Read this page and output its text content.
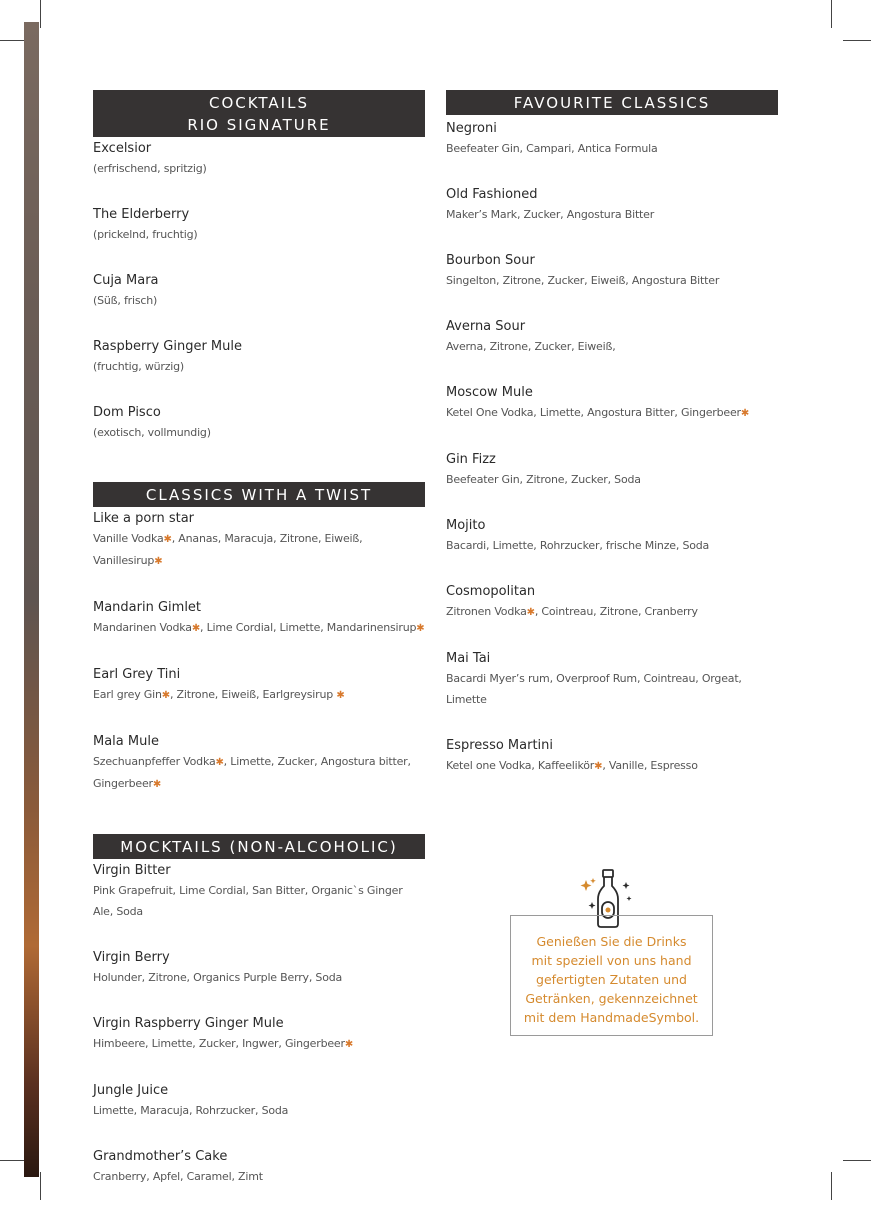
COCKTAILS
RIO SIGNATURE
Excelsior
(erfrischend, spritzig)
The Elderberry
(prickelnd, fruchtig)
Cuja Mara
(Süß, frisch)
Raspberry Ginger Mule
(fruchtig, würzig)
Dom Pisco
(exotisch, vollmundig)
CLASSICS WITH A TWIST
Like a porn star
Vanille Vodka✱, Ananas, Maracuja, Zitrone, Eiweiß, Vanillesirup✱
Mandarin Gimlet
Mandarinen Vodka✱, Lime Cordial, Limette, Mandarinensirup✱
Earl Grey Tini
Earl grey Gin✱, Zitrone, Eiweiß, Earlgreysirup ✱
Mala Mule
Szechuanpfeffer Vodka✱, Limette, Zucker, Angostura bitter, Gingerbeer✱
MOCKTAILS (NON-ALCOHOLIC)
Virgin Bitter
Pink Grapefruit, Lime Cordial, San Bitter, Organic`s Ginger Ale, Soda
Virgin Berry
Holunder, Zitrone, Organics Purple Berry, Soda
Virgin Raspberry Ginger Mule
Himbeere, Limette, Zucker, Ingwer, Gingerbeer✱
Jungle Juice
Limette, Maracuja, Rohrzucker, Soda
Grandmother’s Cake
Cranberry, Apfel, Caramel, Zimt
FAVOURITE CLASSICS
Negroni
Beefeater Gin, Campari, Antica Formula
Old Fashioned
Maker’s Mark, Zucker, Angostura Bitter
Bourbon Sour
Singelton, Zitrone, Zucker, Eiweiß, Angostura Bitter
Averna Sour
Averna, Zitrone, Zucker, Eiweiß,
Moscow Mule
Ketel One Vodka, Limette, Angostura Bitter, Gingerbeer✱
Gin Fizz
Beefeater Gin, Zitrone, Zucker, Soda
Mojito
Bacardi, Limette, Rohrzucker, frische Minze, Soda
Cosmopolitan
Zitronen Vodka✱, Cointreau, Zitrone, Cranberry
Mai Tai
Bacardi Myer’s rum, Overproof Rum, Cointreau, Orgeat, Limette
Espresso Martini
Ketel one Vodka, Kaffeelikör✱, Vanille, Espresso
Genießen Sie die Drinks
mit speziell von uns hand
gefertigten Zutaten und
Getränken, gekennzeichnet
mit dem HandmadeSymbol.
